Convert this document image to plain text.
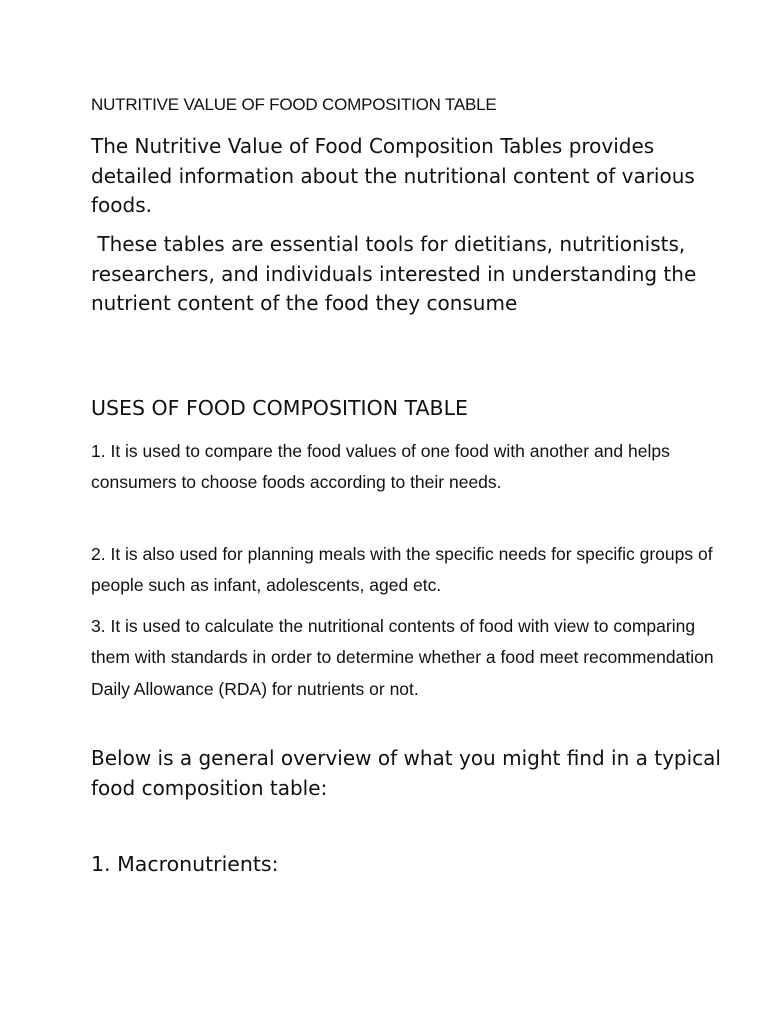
NUTRITIVE VALUE OF FOOD COMPOSITION TABLE

The Nutritive Value of Food Composition Tables provides detailed information about the nutritional content of various foods.

These tables are essential tools for dietitians, nutritionists, researchers, and individuals interested in understanding the nutrient content of the food they consume

USES OF FOOD COMPOSITION TABLE

1. It is used to compare the food values of one food with another and helps consumers to choose foods according to their needs.

2. It is also used for planning meals with the specific needs for specific groups of people such as infant, adolescents, aged etc.

3. It is used to calculate the nutritional contents of food with view to comparing them with standards in order to determine whether a food meet recommendation Daily Allowance (RDA) for nutrients or not.

Below is a general overview of what you might find in a typical food composition table:

1. Macronutrients:
